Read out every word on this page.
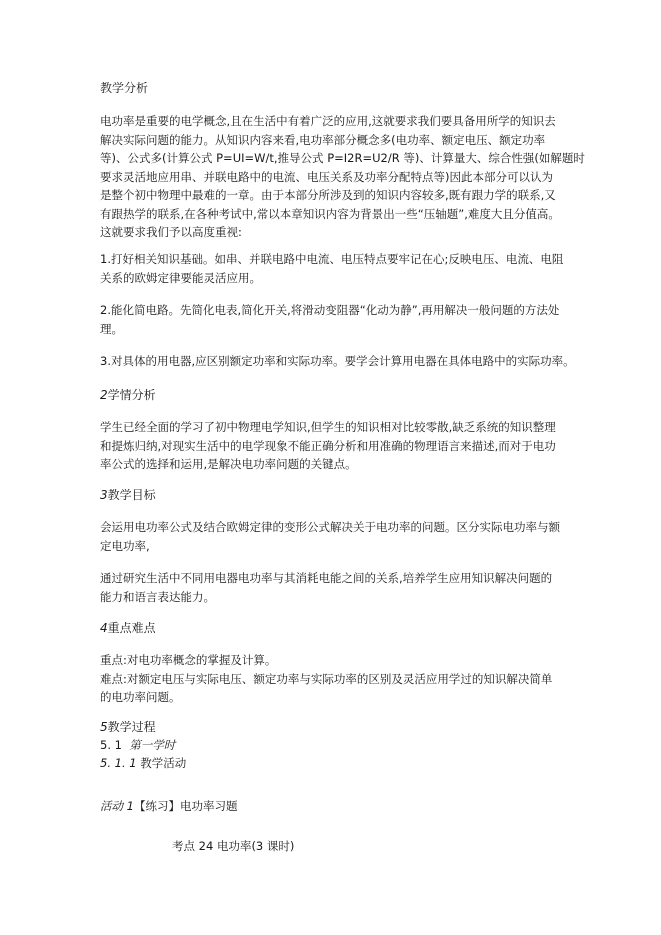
教学分析
电功率是重要的电学概念,且在生活中有着广泛的应用,这就要求我们要具备用所学的知识去
解决实际问题的能力。从知识内容来看,电功率部分概念多(电功率、额定电压、额定功率
等)、公式多(计算公式 P=UI=W/t,推导公式 P=I2R=U2/R 等)、计算量大、综合性强(如解题时
要求灵活地应用串、并联电路中的电流、电压关系及功率分配特点等)因此本部分可以认为
是整个初中物理中最难的一章。由于本部分所涉及到的知识内容较多,既有跟力学的联系,又
有跟热学的联系,在各种考试中,常以本章知识内容为背景出一些“压轴题”,难度大且分值高。
这就要求我们予以高度重视:
1.打好相关知识基础。如串、并联电路中电流、电压特点要牢记在心;反映电压、电流、电阻
关系的欧姆定律要能灵活应用。
2.能化简电路。先简化电表,简化开关,将滑动变阻器“化动为静”,再用解决一般问题的方法处
理。
3.对具体的用电器,应区别额定功率和实际功率。要学会计算用电器在具体电路中的实际功率。
2学情分析
学生已经全面的学习了初中物理电学知识,但学生的知识相对比较零散,缺乏系统的知识整理
和提炼归纳,对现实生活中的电学现象不能正确分析和用准确的物理语言来描述,而对于电功
率公式的选择和运用,是解决电功率问题的关键点。
3教学目标
会运用电功率公式及结合欧姆定律的变形公式解决关于电功率的问题。区分实际电功率与额
定电功率,
通过研究生活中不同用电器电功率与其消耗电能之间的关系,培养学生应用知识解决问题的
能力和语言表达能力。
4重点难点
重点:对电功率概念的掌握及计算。
难点:对额定电压与实际电压、额定功率与实际功率的区别及灵活应用学过的知识解决简单
的电功率问题。
5教学过程
5. 1 第一学时
5. 1. 1 教学活动
活动 1【练习】电功率习题
考点 24 电功率(3 课时)
